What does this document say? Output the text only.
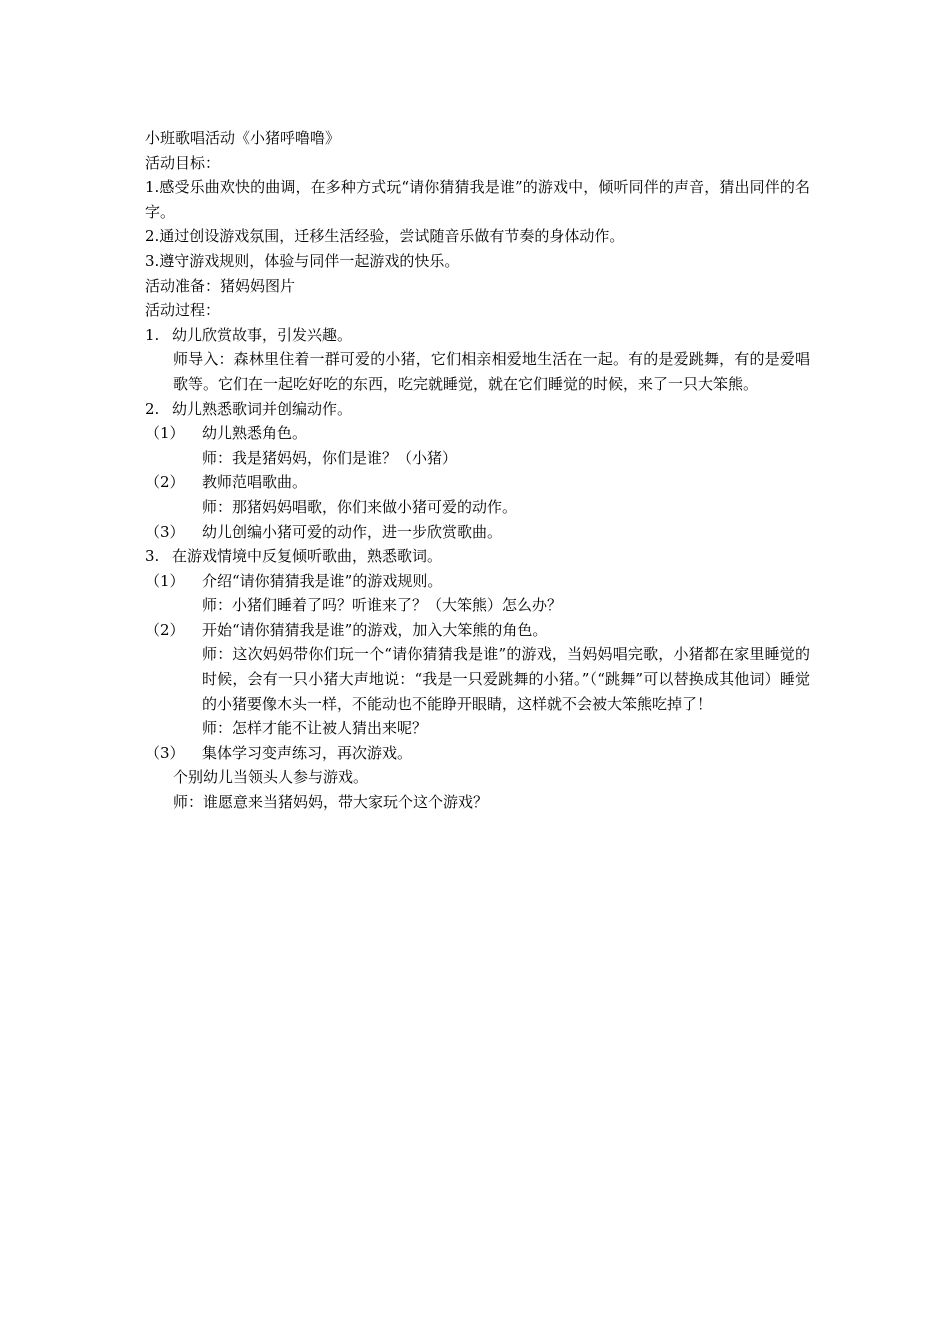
小班歌唱活动《小猪呼噜噜》
活动目标：
1.感受乐曲欢快的曲调，在多种方式玩“请你猜猜我是谁”的游戏中，倾听同伴的声音，猜出同伴的名字。
2.通过创设游戏氛围，迁移生活经验，尝试随音乐做有节奏的身体动作。
3.遵守游戏规则，体验与同伴一起游戏的快乐。
活动准备：猪妈妈图片
活动过程：
1. 幼儿欣赏故事，引发兴趣。
师导入：森林里住着一群可爱的小猪，它们相亲相爱地生活在一起。有的是爱跳舞，有的是爱唱歌等。它们在一起吃好吃的东西，吃完就睡觉，就在它们睡觉的时候，来了一只大笨熊。
2. 幼儿熟悉歌词并创编动作。
（1）	幼儿熟悉角色。
师：我是猪妈妈，你们是谁？（小猪）
（2）	教师范唱歌曲。
师：那猪妈妈唱歌，你们来做小猪可爱的动作。
（3）	幼儿创编小猪可爱的动作，进一步欣赏歌曲。
3. 在游戏情境中反复倾听歌曲，熟悉歌词。
（1）	介绍“请你猜猜我是谁”的游戏规则。
师：小猪们睡着了吗？听谁来了？（大笨熊）怎么办？
（2）	开始“请你猜猜我是谁”的游戏，加入大笨熊的角色。
师：这次妈妈带你们玩一个“请你猜猜我是谁”的游戏，当妈妈唱完歌，小猪都在家里睡觉的时候，会有一只小猪大声地说：“我是一只爱跳舞的小猪。”（“跳舞”可以替换成其他词）睡觉的小猪要像木头一样，不能动也不能睁开眼睛，这样就不会被大笨熊吃掉了！
师：怎样才能不让被人猜出来呢？
（3）	集体学习变声练习，再次游戏。
个别幼儿当领头人参与游戏。
师：谁愿意来当猪妈妈，带大家玩个这个游戏？
